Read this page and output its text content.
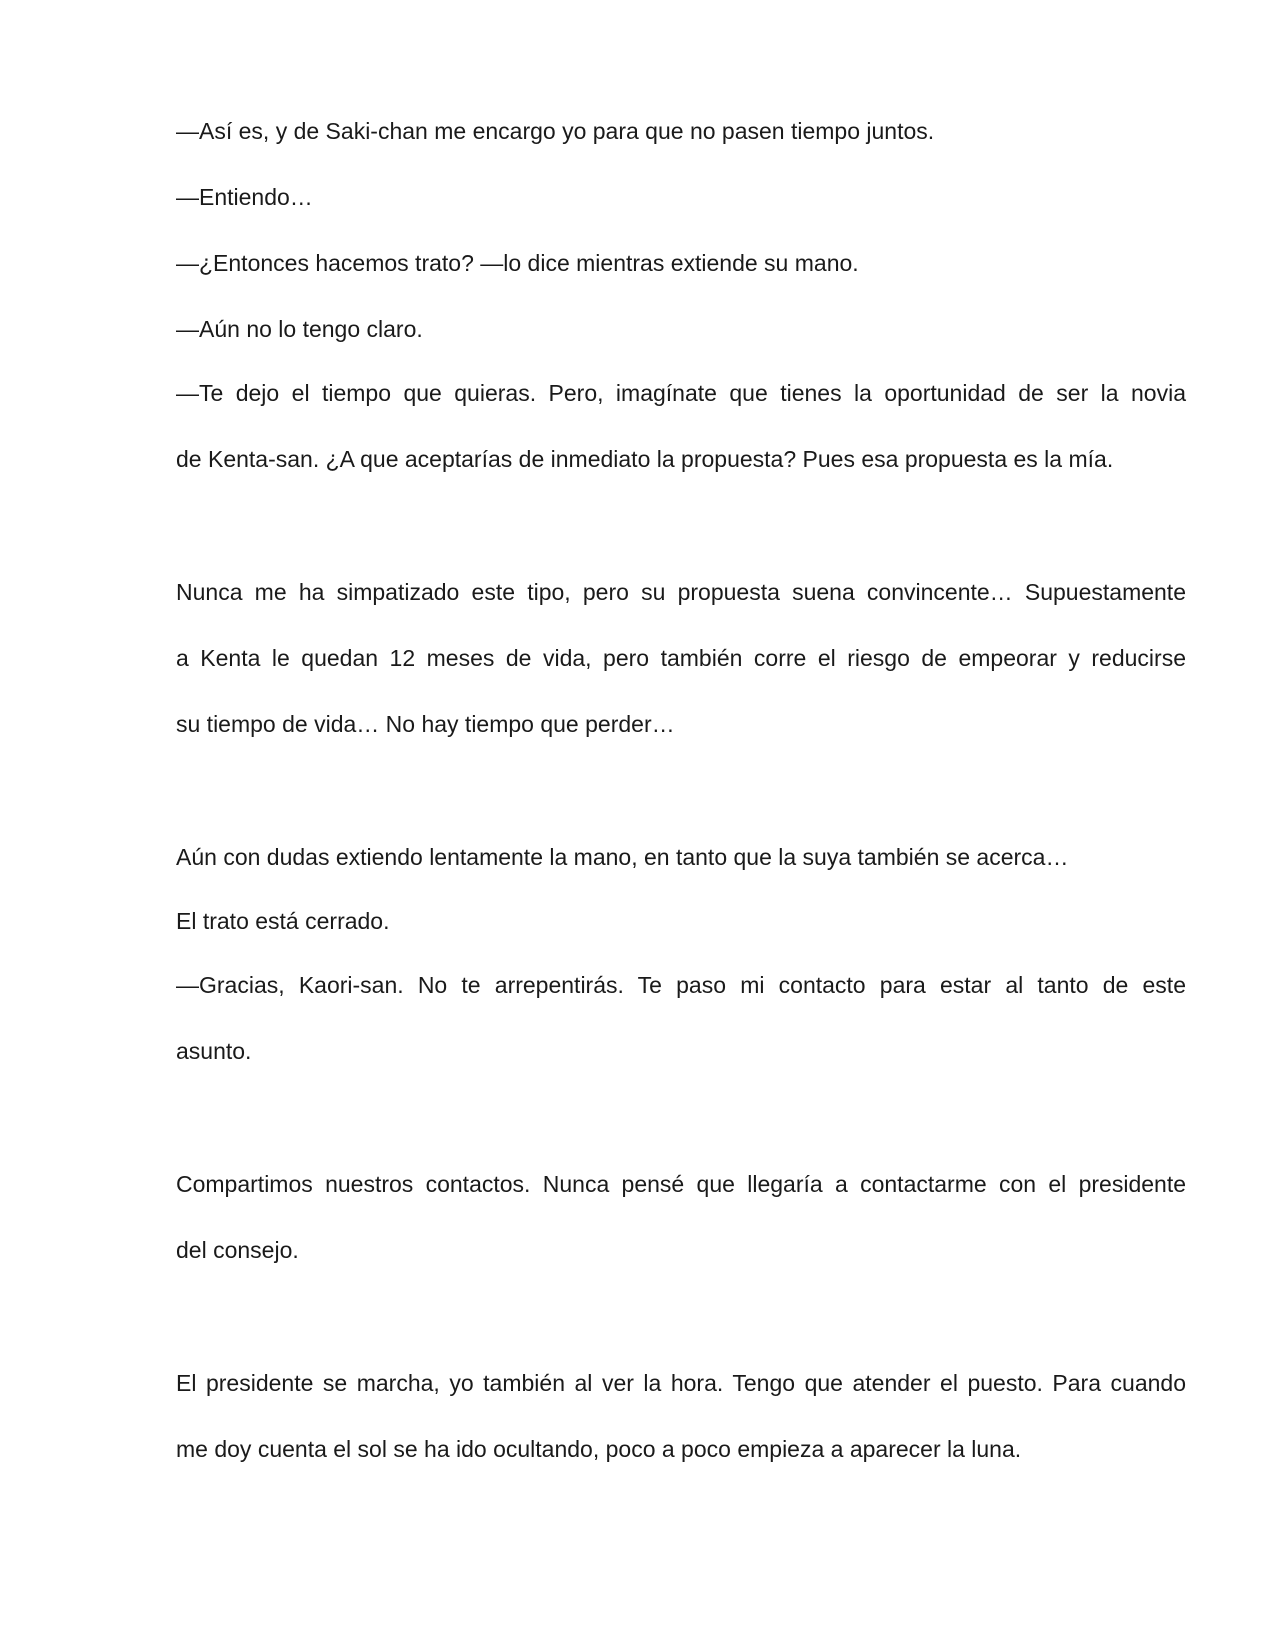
—Así es, y de Saki-chan me encargo yo para que no pasen tiempo juntos.
—Entiendo…
—¿Entonces hacemos trato? —lo dice mientras extiende su mano.
—Aún no lo tengo claro.
—Te dejo el tiempo que quieras. Pero, imagínate que tienes la oportunidad de ser la novia
de Kenta-san. ¿A que aceptarías de inmediato la propuesta? Pues esa propuesta es la mía.
Nunca me ha simpatizado este tipo, pero su propuesta suena convincente… Supuestamente
a Kenta le quedan 12 meses de vida, pero también corre el riesgo de empeorar y reducirse
su tiempo de vida… No hay tiempo que perder…
Aún con dudas extiendo lentamente la mano, en tanto que la suya también se acerca…
El trato está cerrado.
—Gracias, Kaori-san. No te arrepentirás. Te paso mi contacto para estar al tanto de este
asunto.
Compartimos nuestros contactos. Nunca pensé que llegaría a contactarme con el presidente
del consejo.
El presidente se marcha, yo también al ver la hora. Tengo que atender el puesto. Para cuando
me doy cuenta el sol se ha ido ocultando, poco a poco empieza a aparecer la luna.
